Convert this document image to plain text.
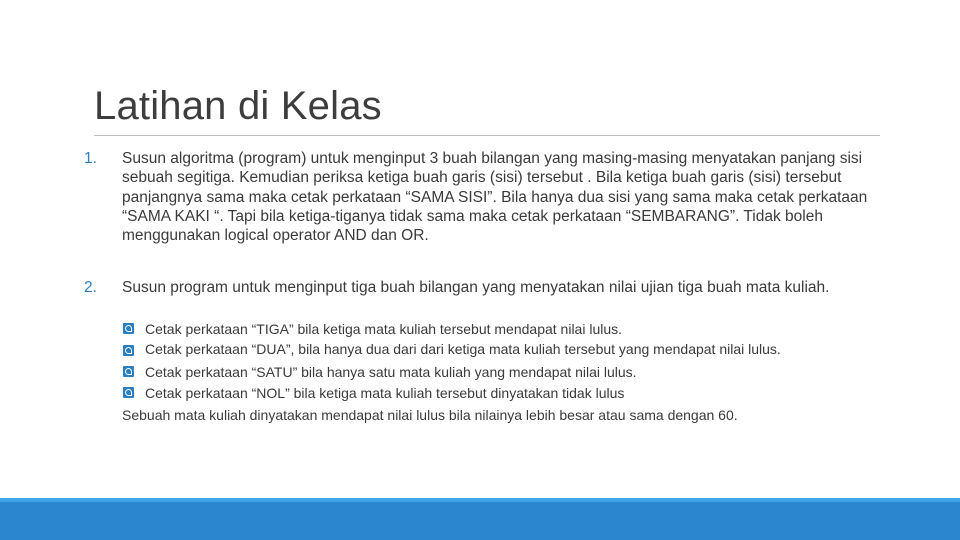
Latihan di Kelas
1.	Susun algoritma (program) untuk menginput 3 buah bilangan yang masing-masing menyatakan panjang sisi sebuah segitiga. Kemudian periksa ketiga buah garis (sisi) tersebut . Bila ketiga buah garis (sisi) tersebut panjangnya sama maka cetak perkataan “SAMA SISI”. Bila hanya dua sisi yang sama maka cetak perkataan “SAMA KAKI “. Tapi bila ketiga-tiganya tidak sama maka cetak perkataan “SEMBARANG”. Tidak boleh menggunakan logical operator AND dan OR.
2.	Susun program untuk menginput tiga buah bilangan yang menyatakan nilai ujian tiga buah mata kuliah.
Cetak perkataan “TIGA” bila ketiga mata kuliah tersebut mendapat nilai lulus.
Cetak perkataan “DUA”, bila hanya dua dari dari ketiga mata kuliah tersebut yang mendapat nilai lulus.
Cetak perkataan “SATU” bila hanya satu mata kuliah yang mendapat nilai lulus.
Cetak perkataan “NOL” bila ketiga mata kuliah tersebut dinyatakan tidak lulus
Sebuah mata kuliah dinyatakan mendapat nilai lulus bila nilainya lebih besar atau sama dengan 60.
